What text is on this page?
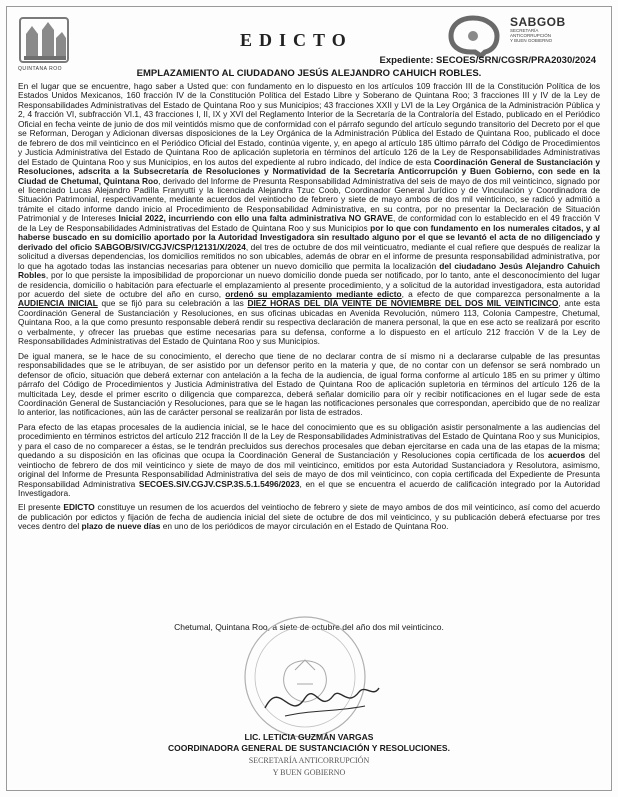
QUINTANA ROO
EDICTO
SABGOB
SECRETARÍA
ANTICORRUPCIÓN
Y BUEN GOBIERNO
Expediente: SECOES/SRN/CGSR/PRA2030/2024
EMPLAZAMIENTO AL CIUDADANO JESÚS ALEJANDRO CAHUICH ROBLES.

En el lugar que se encuentre, hago saber a Usted que: con fundamento en lo dispuesto en los artículos 109 fracción III de la Constitución Política de los Estados Unidos Mexicanos, 160 fracción IV de la Constitución Política del Estado Libre y Soberano de Quintana Roo; 3 fracciones III y IV de la Ley de Responsabilidades Administrativas del Estado de Quintana Roo y sus Municipios; 43 fracciones XXII y LVI de la Ley Orgánica de la Administración Pública y 2, 4 fracción VI, subfracción VI.1, 43 fracciones I, II, IX y XVI del Reglamento Interior de la Secretaría de la Contraloría del Estado, publicado en el Periódico Oficial en fecha veinte de junio de dos mil veintidós mismo que de conformidad con el párrafo segundo del artículo segundo transitorio del Decreto por el que se Reforman, Derogan y Adicionan diversas disposiciones de la Ley Orgánica de la Administración Pública del Estado de Quintana Roo, publicado el doce de febrero de dos mil veinticinco en el Periódico Oficial del Estado, continúa vigente, y, en apego al artículo 185 último párrafo del Código de Procedimientos y Justicia Administrativa del Estado de Quintana Roo de aplicación supletoria en términos del artículo 126 de la Ley de Responsabilidades Administrativas del Estado de Quintana Roo y sus Municipios, en los autos del expediente al rubro indicado, del índice de esta Coordinación General de Sustanciación y Resoluciones, adscrita a la Subsecretaría de Resoluciones y Normatividad de la Secretaría Anticorrupción y Buen Gobierno, con sede en la Ciudad de Chetumal, Quintana Roo, derivado del Informe de Presunta Responsabilidad Administrativa del seis de mayo de dos mil veinticinco, signado por el licenciado Lucas Alejandro Padilla Franyutti y la licenciada Alejandra Tzuc Coob, Coordinador General Jurídico y de Vinculación y Coordinadora de Situación Patrimonial, respectivamente, mediante acuerdos del veintiocho de febrero y siete de mayo ambos de dos mil veinticinco, se radicó y admitió a trámite el citado informe dando inicio al Procedimiento de Responsabilidad Administrativa, en su contra, por no presentar la Declaración de Situación Patrimonial y de Intereses Inicial 2022, incurriendo con ello una falta administrativa NO GRAVE, de conformidad con lo establecido en el 49 fracción V de la Ley de Responsabilidades Administrativas del Estado de Quintana Roo y sus Municipios por lo que con fundamento en los numerales citados, y al haberse buscado en su domicilio aportado por la Autoridad Investigadora sin resultado alguno por el que se levantó el acta de no diligenciado y derivado del oficio SABGOB/SIV/CGJV/CSP/12131/X/2024, del tres de octubre de dos mil veinticuatro, mediante el cual refiere que después de realizar la solicitud a diversas dependencias, los domicilios remitidos no son ubicables, además de obrar en el informe de presunta responsabilidad administrativa, por lo que ha agotado todas las instancias necesarias para obtener un nuevo domicilio que permita la localización del ciudadano Jesús Alejandro Cahuich Robles, por lo que persiste la imposibilidad de proporcionar un nuevo domicilio donde pueda ser notificado, por lo tanto, ante el desconocimiento del lugar de residencia, domicilio o habitación para efectuarle el emplazamiento al presente procedimiento, y a solicitud de la autoridad investigadora, esta autoridad por acuerdo del siete de octubre del año en curso, ordenó su emplazamiento mediante edicto, a efecto de que comparezca personalmente a la AUDIENCIA INICIAL que se fijó para su celebración a las DIEZ HORAS DEL DÍA VEINTE DE NOVIEMBRE DEL DOS MIL VEINTICINCO, ante esta Coordinación General de Sustanciación y Resoluciones, en sus oficinas ubicadas en Avenida Revolución, número 113, Colonia Campestre, Chetumal, Quintana Roo, a la que como presunto responsable deberá rendir su respectiva declaración de manera personal, la que en ese acto se realizará por escrito o verbalmente, y ofrecer las pruebas que estime necesarias para su defensa, conforme a lo dispuesto en el artículo 212 fracción V de la Ley de Responsabilidades Administrativas del Estado de Quintana Roo y sus Municipios.

De igual manera, se le hace de su conocimiento, el derecho que tiene de no declarar contra de sí mismo ni a declararse culpable de las presuntas responsabilidades que se le atribuyan, de ser asistido por un defensor perito en la materia y que, de no contar con un defensor se será nombrado un defensor de oficio, situación que deberá externar con antelación a la fecha de la audiencia, de igual forma conforme al artículo 185 en su primer y último párrafo del Código de Procedimientos y Justicia Administrativa del Estado de Quintana Roo de aplicación supletoria en términos del artículo 126 de la multicitada Ley, desde el primer escrito o diligencia que comparezca, deberá señalar domicilio para oír y recibir notificaciones en el lugar sede de esta Coordinación General de Sustanciación y Resoluciones, para que se le hagan las notificaciones personales que correspondan, apercibido que de no realizar lo anterior, las notificaciones, aún las de carácter personal se realizarán por lista de estrados.

Para efecto de las etapas procesales de la audiencia inicial, se le hace del conocimiento que es su obligación asistir personalmente a las audiencias del procedimiento en términos estrictos del artículo 212 fracción II de la Ley de Responsabilidades Administrativas del Estado de Quintana Roo y sus Municipios, y para el caso de no comparecer a éstas, se le tendrán precluidos sus derechos procesales que deban ejercitarse en cada una de las etapas de la misma; quedando a su disposición en las oficinas que ocupa la Coordinación General de Sustanciación y Resoluciones copia certificada de los acuerdos del veintiocho de febrero de dos mil veinticinco y siete de mayo de dos mil veinticinco, emitidos por esta Autoridad Sustanciadora y Resolutora, asimismo, original del Informe de Presunta Responsabilidad Administrativa del seis de mayo de dos mil veinticinco, con copia certificada del Expediente de Presunta Responsabilidad Administrativa SECOES.SIV.CGJV.CSP.3S.5.1.5496/2023, en el que se encuentra el acuerdo de calificación integrado por la Autoridad Investigadora.

El presente EDICTO constituye un resumen de los acuerdos del veintiocho de febrero y siete de mayo ambos de dos mil veinticinco, así como del acuerdo de publicación por edictos y fijación de fecha de audiencia inicial del siete de octubre de dos mil veinticinco, y su publicación deberá efectuarse por tres veces dentro del plazo de nueve días en uno de los periódicos de mayor circulación en el Estado de Quintana Roo.

Chetumal, Quintana Roo, a siete de octubre del año dos mil veinticinco.
LIC. LETICIA GUZMÁN VARGAS
COORDINADORA GENERAL DE SUSTANCIACIÓN Y RESOLUCIONES.
SECRETARÍA ANTICORRUPCIÓN
Y BUEN GOBIERNO
